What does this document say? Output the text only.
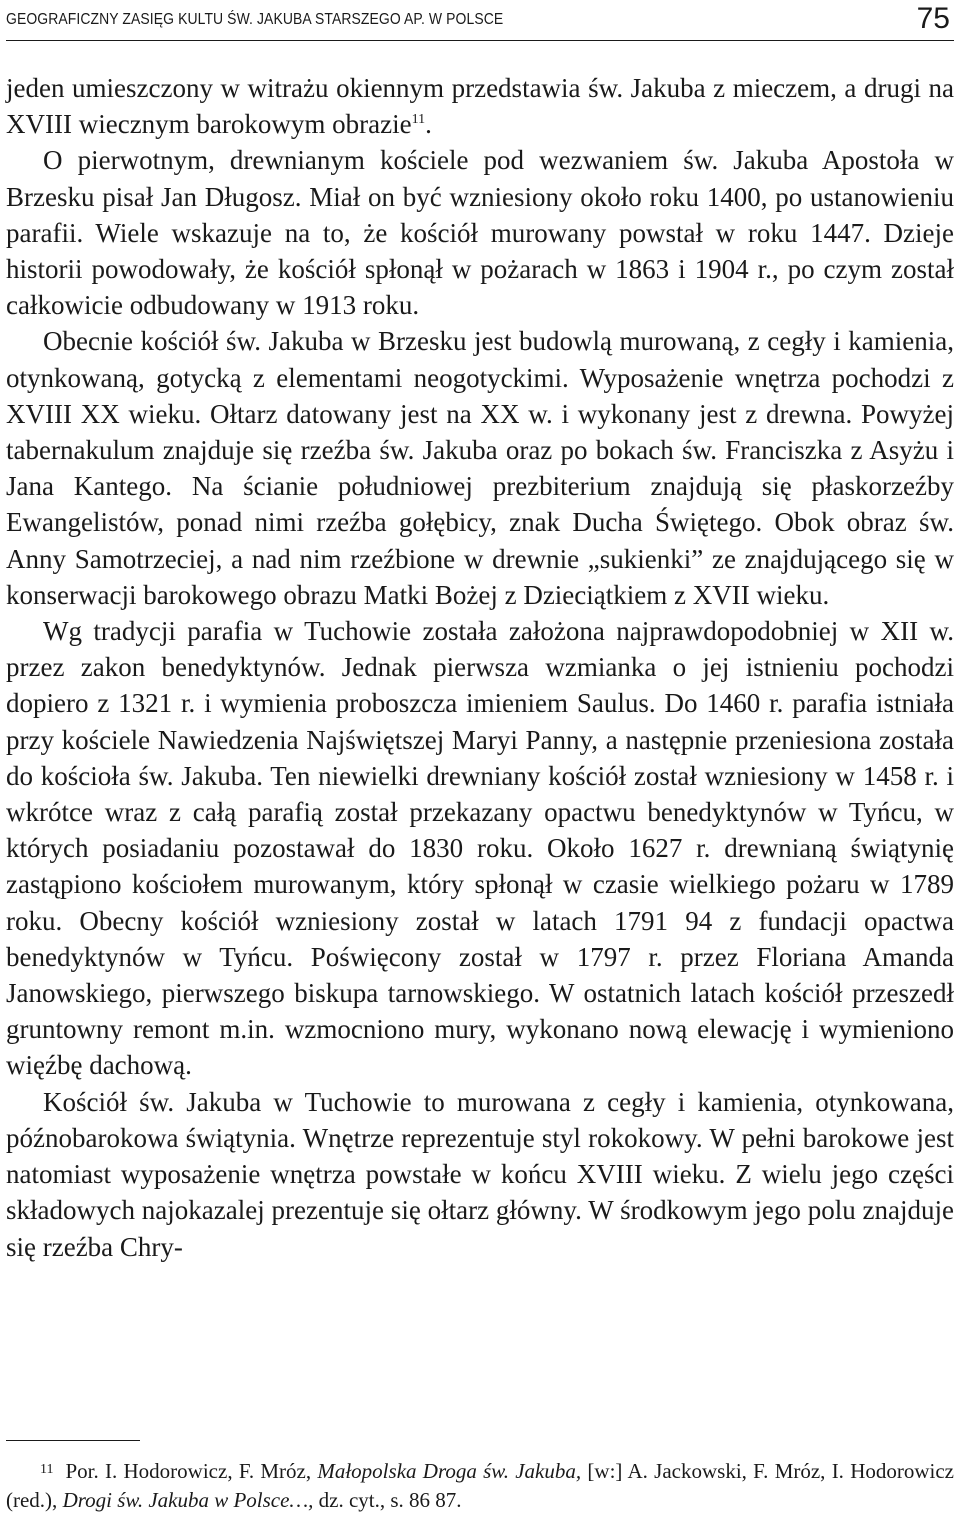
GEOGRAFICZNY ZASIĘG KULTU ŚW. JAKUBA STARSZEGO AP. W POLSCE	75

jeden umieszczony w witrażu okiennym przedstawia św. Jakuba z mieczem, a drugi na XVIII wiecznym barokowym obrazie$^{11}$.

O pierwotnym, drewnianym kościele pod wezwaniem św. Jakuba Apostoła w Brzesku pisał Jan Długosz. Miał on być wzniesiony około roku 1400, po ustanowieniu parafii. Wiele wskazuje na to, że kościół murowany powstał w roku 1447. Dzieje historii powodowały, że kościół spłonął w pożarach w 1863 i 1904 r., po czym został całkowicie odbudowany w 1913 roku.

Obecnie kościół św. Jakuba w Brzesku jest budowlą murowaną, z cegły i kamienia, otynkowaną, gotycką z elementami neogotyckimi. Wyposażenie wnętrza pochodzi z XVIII XX wieku. Ołtarz datowany jest na XX w. i wykonany jest z drewna. Powyżej tabernakulum znajduje się rzeźba św. Jakuba oraz po bokach św. Franciszka z Asyżu i Jana Kantego. Na ścianie południowej prezbiterium znajdują się płaskorzeźby Ewangelistów, ponad nimi rzeźba gołębicy, znak Ducha Świętego. Obok obraz św. Anny Samotrzeciej, a nad nim rzeźbione w drewnie „sukienki” ze znajdującego się w konserwacji barokowego obrazu Matki Bożej z Dzieciątkiem z XVII wieku.

Wg tradycji parafia w Tuchowie została założona najprawdopodobniej w XII w. przez zakon benedyktynów. Jednak pierwsza wzmianka o jej istnieniu pochodzi dopiero z 1321 r. i wymienia proboszcza imieniem Saulus. Do 1460 r. parafia istniała przy kościele Nawiedzenia Najświętszej Maryi Panny, a następnie przeniesiona została do kościoła św. Jakuba. Ten niewielki drewniany kościół został wzniesiony w 1458 r. i wkrótce wraz z całą parafią został przekazany opactwu benedyktynów w Tyńcu, w których posiadaniu pozostawał do 1830 roku. Około 1627 r. drewnianą świątynię zastąpiono kościołem murowanym, który spłonął w czasie wielkiego pożaru w 1789 roku. Obecny kościół wzniesiony został w latach 1791 94 z fundacji opactwa benedyktynów w Tyńcu. Poświęcony został w 1797 r. przez Floriana Amanda Janowskiego, pierwszego biskupa tarnowskiego. W ostatnich latach kościół przeszedł gruntowny remont m.in. wzmocniono mury, wykonano nową elewację i wymieniono więźbę dachową.

Kościół św. Jakuba w Tuchowie to murowana z cegły i kamienia, otynkowana, późnobarokowa świątynia. Wnętrze reprezentuje styl rokokowy. W pełni barokowe jest natomiast wyposażenie wnętrza powstałe w końcu XVIII wieku. Z wielu jego części składowych najokazalej prezentuje się ołtarz główny. W środkowym jego polu znajduje się rzeźba Chry-

$^{11}$ Por. I. Hodorowicz, F. Mróz, Małopolska Droga św. Jakuba, [w:] A. Jackowski, F. Mróz, I. Hodorowicz (red.), Drogi św. Jakuba w Polsce…, dz. cyt., s. 86 87.
